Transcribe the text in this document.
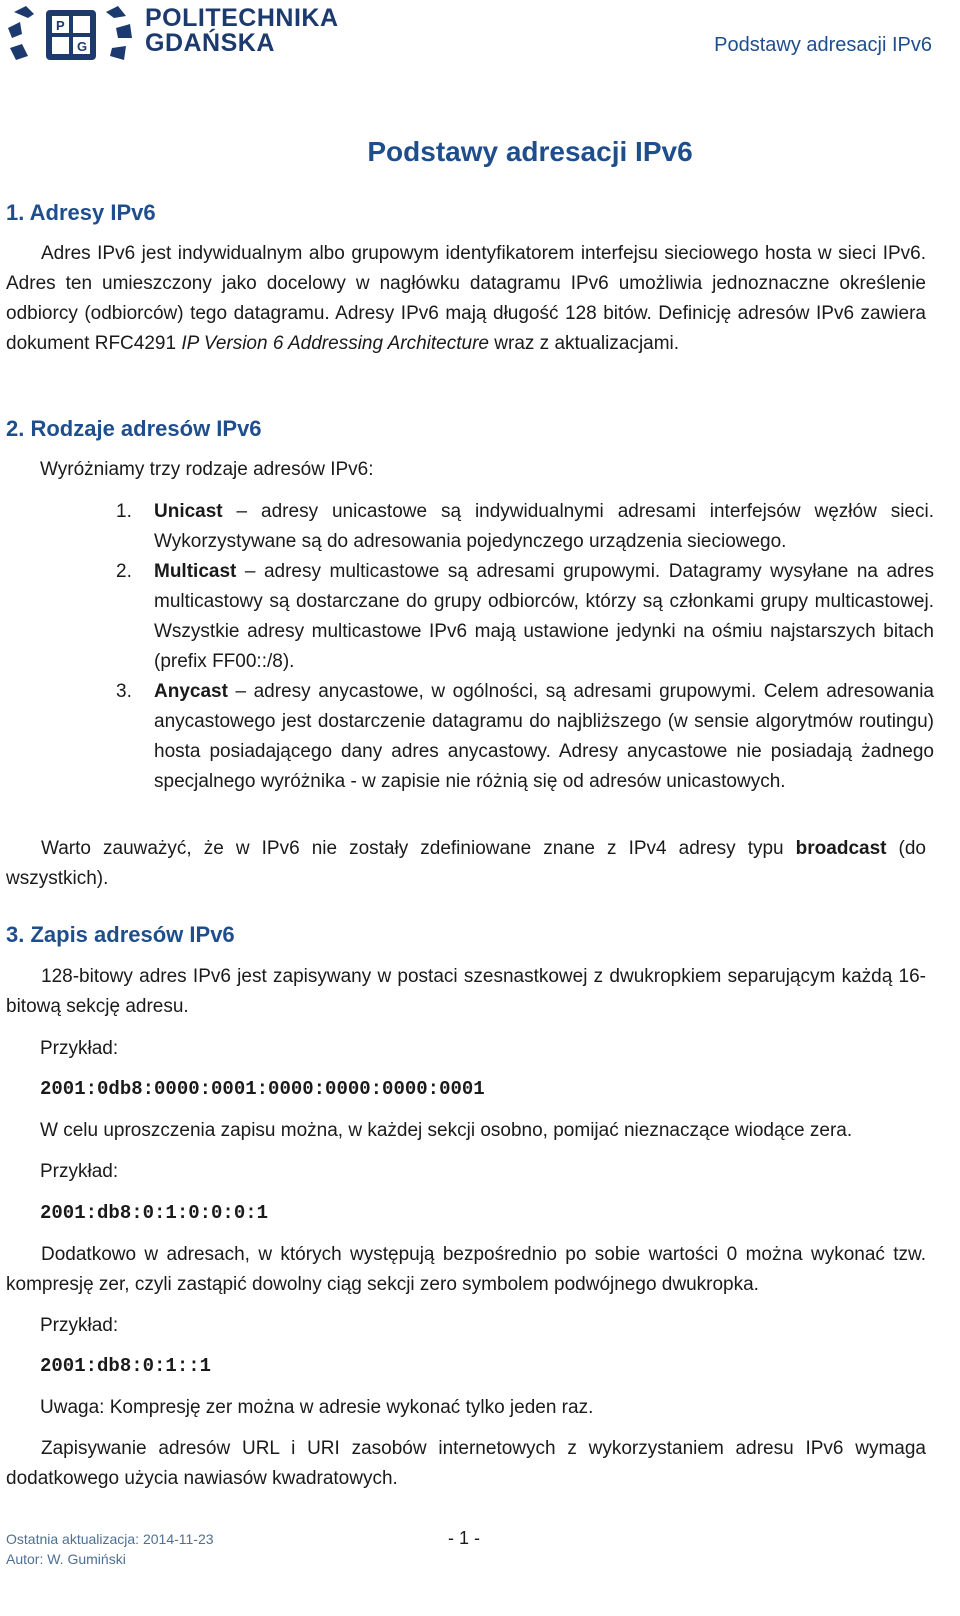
P
G
POLITECHNIKA
GDAŃSKA	Podstawy adresacji IPv6
Podstawy adresacji IPv6
1. Adresy IPv6
Adres IPv6 jest indywidualnym albo grupowym identyfikatorem interfejsu sieciowego hosta w sieci IPv6. Adres ten umieszczony jako docelowy w nagłówku datagramu IPv6 umożliwia jednoznaczne określenie odbiorcy (odbiorców) tego datagramu. Adresy IPv6 mają długość 128 bitów. Definicję adresów IPv6 zawiera dokument RFC4291 IP Version 6 Addressing Architecture wraz z aktualizacjami.
2. Rodzaje adresów IPv6
Wyróżniamy trzy rodzaje adresów IPv6:
1. Unicast – adresy unicastowe są indywidualnymi adresami interfejsów węzłów sieci. Wykorzystywane są do adresowania pojedynczego urządzenia sieciowego.
2. Multicast – adresy multicastowe są adresami grupowymi. Datagramy wysyłane na adres multicastowy są dostarczane do grupy odbiorców, którzy są członkami grupy multicastowej. Wszystkie adresy multicastowe IPv6 mają ustawione jedynki na ośmiu najstarszych bitach (prefix FF00::/8).
3. Anycast – adresy anycastowe, w ogólności, są adresami grupowymi. Celem adresowania anycastowego jest dostarczenie datagramu do najbliższego (w sensie algorytmów routingu) hosta posiadającego dany adres anycastowy. Adresy anycastowe nie posiadają żadnego specjalnego wyróżnika - w zapisie nie różnią się od adresów unicastowych.
Warto zauważyć, że w IPv6 nie zostały zdefiniowane znane z IPv4 adresy typu broadcast (do wszystkich).
3. Zapis adresów IPv6
128-bitowy adres IPv6 jest zapisywany w postaci szesnastkowej z dwukropkiem separującym każdą 16-bitową sekcję adresu.
Przykład:
2001:0db8:0000:0001:0000:0000:0000:0001
W celu uproszczenia zapisu można, w każdej sekcji osobno, pomijać nieznaczące wiodące zera.
Przykład:
2001:db8:0:1:0:0:0:1
Dodatkowo w adresach, w których występują bezpośrednio po sobie wartości 0 można wykonać tzw. kompresję zer, czyli zastąpić dowolny ciąg sekcji zero symbolem podwójnego dwukropka.
Przykład:
2001:db8:0:1::1
Uwaga: Kompresję zer można w adresie wykonać tylko jeden raz.
Zapisywanie adresów URL i URI zasobów internetowych z wykorzystaniem adresu IPv6 wymaga dodatkowego użycia nawiasów kwadratowych.
Ostatnia aktualizacja: 2014-11-23
Autor: W. Gumiński
- 1 -
